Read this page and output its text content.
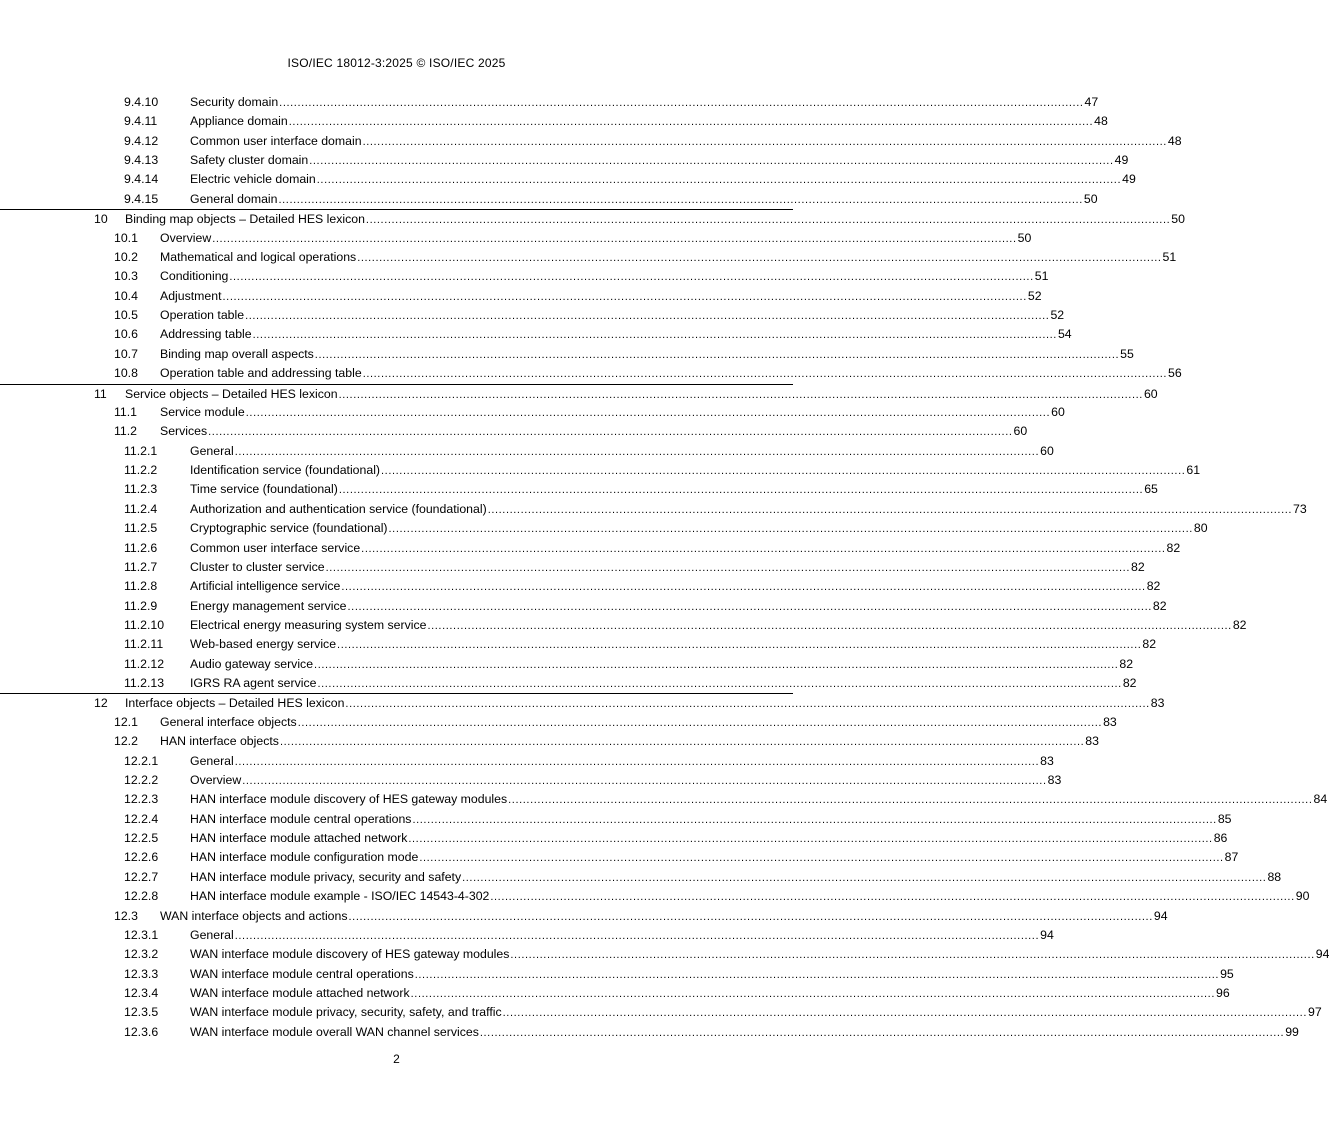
ISO/IEC 18012-3:2025 © ISO/IEC 2025
9.4.10	Security domain ............................................................................................................................................................................................................................ 47
9.4.11	Appliance domain ............................................................................................................................................................................................................................ 48
9.4.12	Common user interface domain ............................................................................................................................................................................................................................ 48
9.4.13	Safety cluster domain ............................................................................................................................................................................................................................ 49
9.4.14	Electric vehicle domain ............................................................................................................................................................................................................................ 49
9.4.15	General domain ............................................................................................................................................................................................................................ 50
10 Binding map objects – Detailed HES lexicon ............................................................................................................................................................................................................................ 50
10.1 Overview ............................................................................................................................................................................................................................ 50
10.2 Mathematical and logical operations ............................................................................................................................................................................................................................ 51
10.3 Conditioning ............................................................................................................................................................................................................................ 51
10.4 Adjustment ............................................................................................................................................................................................................................ 52
10.5 Operation table ............................................................................................................................................................................................................................ 52
10.6 Addressing table ............................................................................................................................................................................................................................ 54
10.7 Binding map overall aspects ............................................................................................................................................................................................................................ 55
10.8 Operation table and addressing table ............................................................................................................................................................................................................................ 56
11 Service objects – Detailed HES lexicon ............................................................................................................................................................................................................................ 60
11.1 Service module ............................................................................................................................................................................................................................ 60
11.2 Services ............................................................................................................................................................................................................................ 60
11.2.1	General ............................................................................................................................................................................................................................ 60
11.2.2	Identification service (foundational) ............................................................................................................................................................................................................................ 61
11.2.3	Time service (foundational) ............................................................................................................................................................................................................................ 65
11.2.4	Authorization and authentication service (foundational) ............................................................................................................................................................................................................................ 73
11.2.5	Cryptographic service (foundational) ............................................................................................................................................................................................................................ 80
11.2.6	Common user interface service ............................................................................................................................................................................................................................ 82
11.2.7	Cluster to cluster service ............................................................................................................................................................................................................................ 82
11.2.8	Artificial intelligence service ............................................................................................................................................................................................................................ 82
11.2.9	Energy management service ............................................................................................................................................................................................................................ 82
11.2.10 Electrical energy measuring system service ............................................................................................................................................................................................................................ 82
11.2.11 Web-based energy service ............................................................................................................................................................................................................................ 82
11.2.12 Audio gateway service ............................................................................................................................................................................................................................ 82
11.2.13 IGRS RA agent service ............................................................................................................................................................................................................................ 82
12 Interface objects – Detailed HES lexicon ............................................................................................................................................................................................................................ 83
12.1 General interface objects ............................................................................................................................................................................................................................ 83
12.2 HAN interface objects ............................................................................................................................................................................................................................ 83
12.2.1	General ............................................................................................................................................................................................................................ 83
12.2.2	Overview ............................................................................................................................................................................................................................ 83
12.2.3	HAN interface module discovery of HES gateway modules ............................................................................................................................................................................................................................ 84
12.2.4	HAN interface module central operations ............................................................................................................................................................................................................................ 85
12.2.5	HAN interface module attached network ............................................................................................................................................................................................................................ 86
12.2.6	HAN interface module configuration mode ............................................................................................................................................................................................................................ 87
12.2.7	HAN interface module privacy, security and safety ............................................................................................................................................................................................................................ 88
12.2.8	HAN interface module example - ISO/IEC 14543-4-302 ............................................................................................................................................................................................................................ 90
12.3 WAN interface objects and actions ............................................................................................................................................................................................................................ 94
12.3.1	General ............................................................................................................................................................................................................................ 94
12.3.2	WAN interface module discovery of HES gateway modules ............................................................................................................................................................................................................................ 94
12.3.3	WAN interface module central operations ............................................................................................................................................................................................................................ 95
12.3.4	WAN interface module attached network ............................................................................................................................................................................................................................ 96
12.3.5	WAN interface module privacy, security, safety, and traffic ............................................................................................................................................................................................................................ 97
12.3.6	WAN interface module overall WAN channel services ............................................................................................................................................................................................................................ 99
2
